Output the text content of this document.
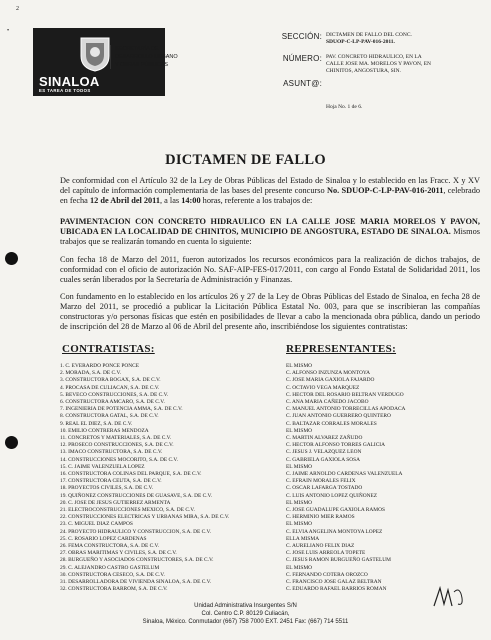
2
•
SINALOA
ES TAREA DE TODOS
SECRETARÍA DE
DESARROLLO URBANO
Y OBRAS PÚBLICAS
SECCIÓN: DICTAMEN DE FALLO DEL CONC.
SDUOP-C-LP-PAV-016-2011.
NÚMERO: PAV. CONCRETO HIDRAULICO, EN LA
CALLE JOSE MA. MORELOS Y PAVON, EN
CHINITOS, ANGOSTURA, SIN.
ASUNT@:
Hoja No. 1 de 6.
DICTAMEN DE FALLO
De conformidad con el Artículo 32 de la Ley de Obras Públicas del Estado de Sinaloa y lo establecido en las Fracc. X y XV del capítulo de información complementaria de las bases del presente concurso No. SDUOP-C-LP-PAV-016-2011, celebrado en fecha 12 de Abril del 2011, a las 14:00 horas, referente a los trabajos de:
PAVIMENTACION CON CONCRETO HIDRAULICO EN LA CALLE JOSE MARIA MORELOS Y PAVON, UBICADA EN LA LOCALIDAD DE CHINITOS, MUNICIPIO DE ANGOSTURA, ESTADO DE SINALOA. Mismos trabajos que se realizarán tomando en cuenta lo siguiente:
Con fecha 18 de Marzo del 2011, fueron autorizados los recursos económicos para la realización de dichos trabajos, de conformidad con el oficio de autorización No. SAF-AIP-FES-017/2011, con cargo al Fondo Estatal de Solidaridad 2011, los cuales serán liberados por la Secretaría de Administración y Finanzas.
Con fundamento en lo establecido en los artículos 26 y 27 de la Ley de Obras Públicas del Estado de Sinaloa, en fecha 28 de Marzo del 2011, se procedió a publicar la Licitación Pública Estatal No. 003, para que se inscribieran las compañías constructoras y/o personas físicas que estén en posibilidades de llevar a cabo la mencionada obra pública, dando un periodo de inscripción del 28 de Marzo al 06 de Abril del presente año, inscribiéndose los siguientes contratistas:
CONTRATISTAS:	REPRESENTANTES:
1. C. EVERARDO PONCE PONCE
2. MORADA, S.A. DE C.V.
3. CONSTRUCTORA BOGAX, S.A. DE C.V.
4. PROCASA DE CULIACAN, S.A. DE C.V.
5. BEVECO CONSTRUCCIONES, S.A. DE C.V.
6. CONSTRUCTORA AMCARO, S.A. DE C.V.
7. INGENIERIA DE POTENCIA AMMA, S.A. DE C.V.
8. CONSTRUCTORA GATAL, S.A. DE C.V.
9. REAL EL DIEZ, S.A. DE C.V.
10. EMILIO CONTRERAS MENDOZA
11. CONCRETOS Y MATERIALES, S.A. DE C.V.
12. PROSECO CONSTRUCCIONES, S.A. DE C.V.
13. IMACO CONSTRUCTORA, S.A. DE C.V.
14. CONSTRUCCIONES MOCORITO, S.A. DE C.V.
15. C. JAIME VALENZUELA LOPEZ
16. CONSTRUCTORA COLINAS DEL PARQUE, S.A. DE C.V.
17. CONSTRUCTORA CEUTA, S.A. DE C.V.
18. PROYECTOS CIVILES, S.A. DE C.V.
19. QUIÑONEZ CONSTRUCCIONES DE GUASAVE, S.A. DE C.V.
20. C. JOSE DE JESUS GUTIERREZ ARMENTA
21. ELECTROCONSTRUCCIONES MEXICO, S.A. DE C.V.
22. CONSTRUCCIONES ELECTRICAS Y URBANAS MIRA, S.A. DE C.V.
23. C. MIGUEL DIAZ CAMPOS
24. PROYECTO HIDRAULICO Y CONSTRUCCION, S.A. DE C.V.
25. C. ROSARIO LOPEZ CARDENAS
26. FEMA CONSTRUCTORA, S.A. DE C.V.
27. OBRAS MARITIMAS Y CIVILES, S.A. DE C.V.
28. BURGUEÑO Y ASOCIADOS CONSTRUCTORES, S.A. DE C.V.
29. C. ALEJANDRO CASTRO GASTELUM
30. CONSTRUCTORA CESECO, S.A. DE C.V.
31. DESARROLLADORA DE VIVIENDA SINALOA, S.A. DE C.V.
32. CONSTRUCTORA BARROM, S.A. DE C.V.
EL MISMO
C. ALFONSO INZUNZA MONTOYA
C. JOSE MARIA GAXIOLA FAJARDO
C. OCTAVIO VEGA MARQUEZ
C. HECTOR DEL ROSARIO BELTRAN VERDUGO
C. ANA MARIA CAÑEDO JACOBO
C. MANUEL ANTONIO TORRECILLAS APODACA
C. JUAN ANTONIO GUERRERO QUINTERO
C. BALTAZAR CORRALES MORALES
EL MISMO
C. MARTIN ALVAREZ ZAÑUDO
C. HECTOR ALFONSO TORRES GALICIA
C. JESUS J. VELAZQUEZ LEON
C. GABRIELA GAXIOLA SOSA
EL MISMO
C. JAIME ARNOLDO CARDENAS VALENZUELA
C. EFRAIN MORALES FELIX
C. OSCAR LAFARGA TOSTADO
C. LUIS ANTONIO LOPEZ QUIÑONEZ
EL MISMO
C. JOSE GUADALUPE GAXIOLA RAMOS
C. HERMINIO MIER RAMOS
EL MISMO
C. ELVIA ANGELINA MONTOYA LOPEZ
ELLA MISMA
C. AURELIANO FELIX DIAZ
C. JOSE LUIS ARREOLA TOPETE
C. JESUS RAMON BURGUEÑO GASTELUM
EL MISMO
C. FERNANDO COTERA OROZCO
C. FRANCISCO JOSE GALAZ BELTRAN
C. EDUARDO RAFAEL BARRIOS ROMAN
Unidad Administrativa Insurgentes S/N
Col. Centro C.P. 80129 Culiacán,
Sinaloa, México. Conmutador (667) 758 7000 EXT. 2451 Fax: (667) 714 5511
